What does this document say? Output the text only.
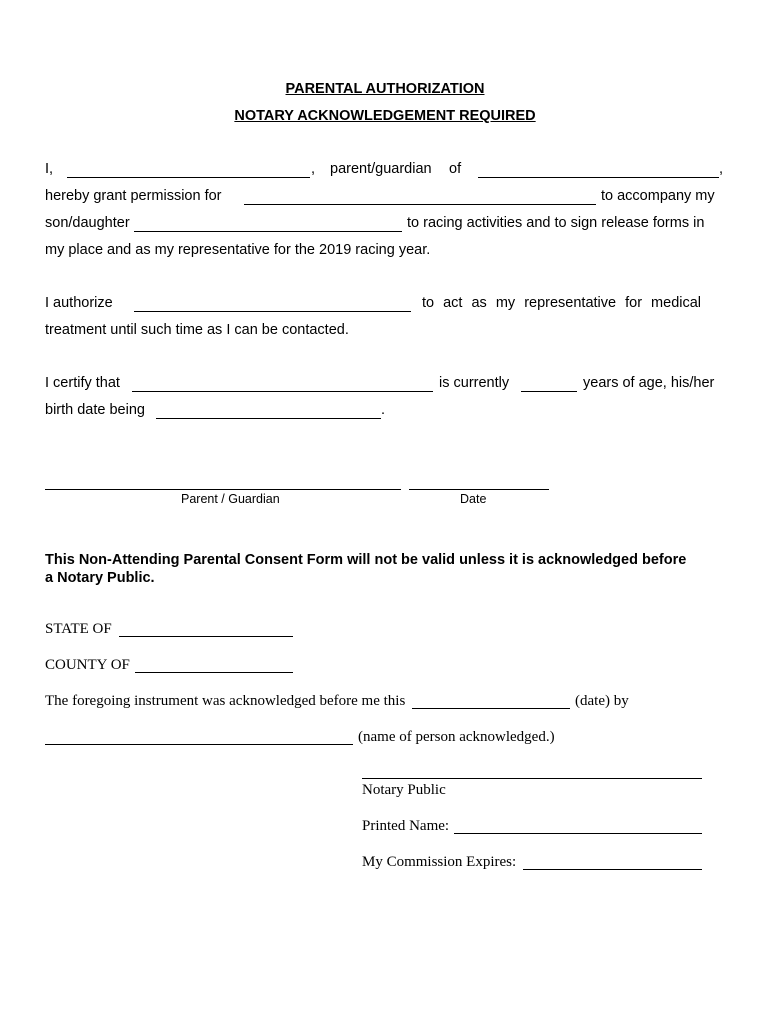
PARENTAL AUTHORIZATION
NOTARY ACKNOWLEDGEMENT REQUIRED
I,	, parent/guardian of	,
hereby grant permission for	to accompany my
son/daughter	to racing activities and to sign release forms in
my place and as my representative for the 2019 racing year.
I authorize	to act as my representative for medical
treatment until such time as I can be contacted.
I certify that	is currently	years of age, his/her
birth date being	.
Parent / Guardian	Date
This Non-Attending Parental Consent Form will not be valid unless it is acknowledged before
a Notary Public.
STATE OF
COUNTY OF
The foregoing instrument was acknowledged before me this	(date) by
(name of person acknowledged.)
Notary Public
Printed Name:
My Commission Expires:
